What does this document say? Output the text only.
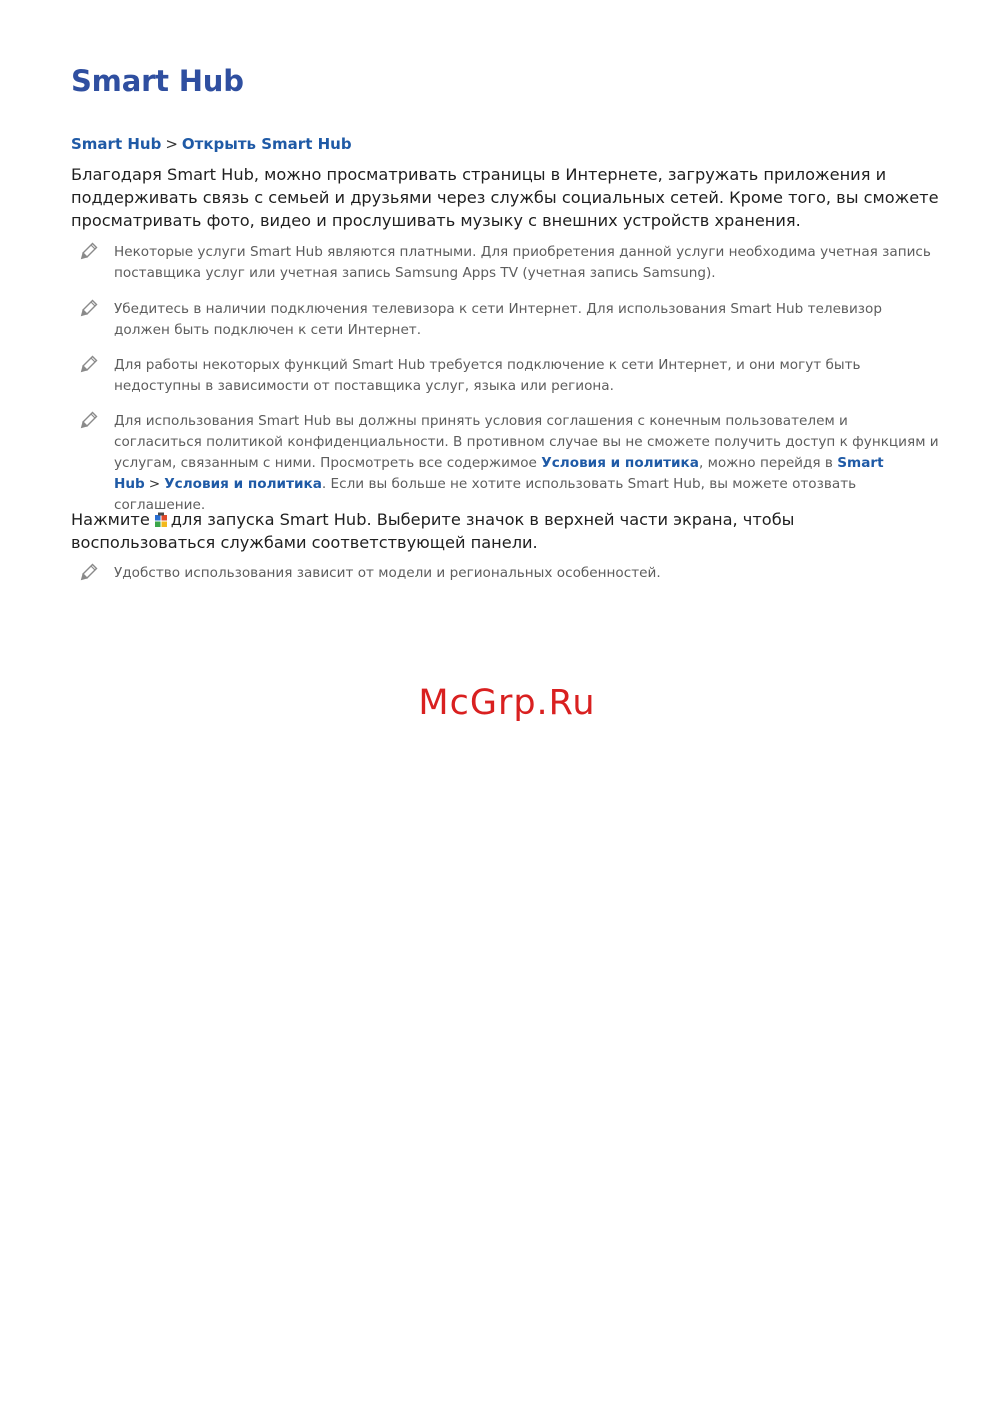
Smart Hub
Smart Hub > Открыть Smart Hub

Благодаря Smart Hub, можно просматривать страницы в Интернете, загружать приложения и поддерживать связь с семьей и друзьями через службы социальных сетей. Кроме того, вы сможете просматривать фото, видео и прослушивать музыку с внешних устройств хранения.

Некоторые услуги Smart Hub являются платными. Для приобретения данной услуги необходима учетная запись поставщика услуг или учетная запись Samsung Apps TV (учетная запись Samsung).

Убедитесь в наличии подключения телевизора к сети Интернет. Для использования Smart Hub телевизор должен быть подключен к сети Интернет.

Для работы некоторых функций Smart Hub требуется подключение к сети Интернет, и они могут быть недоступны в зависимости от поставщика услуг, языка или региона.

Для использования Smart Hub вы должны принять условия соглашения с конечным пользователем и согласиться политикой конфиденциальности. В противном случае вы не сможете получить доступ к функциям и услугам, связанным с ними. Просмотреть все содержимое Условия и политика, можно перейдя в Smart Hub > Условия и политика. Если вы больше не хотите использовать Smart Hub, вы можете отозвать соглашение.

Нажмите для запуска Smart Hub. Выберите значок в верхней части экрана, чтобы воспользоваться службами соответствующей панели.

Удобство использования зависит от модели и региональных особенностей.

McGrp.Ru
